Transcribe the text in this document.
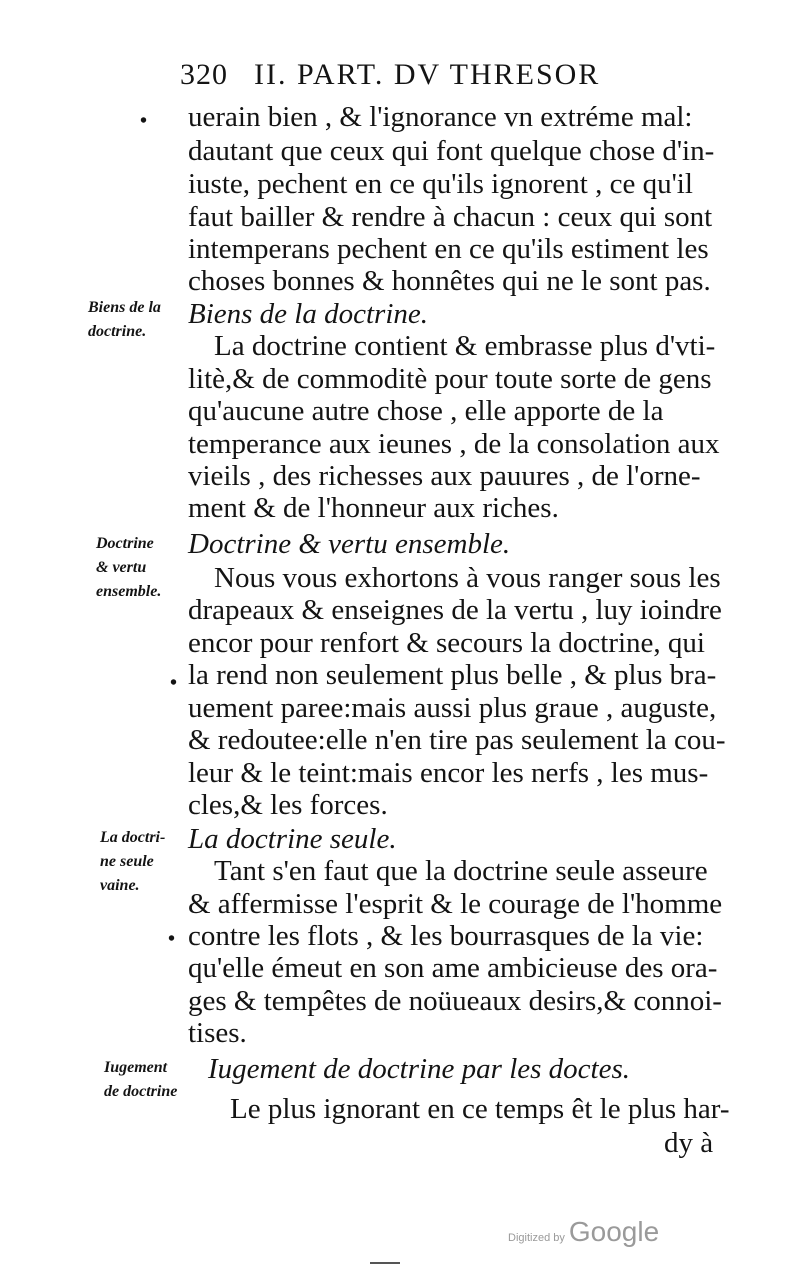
320 II. PART. DV THRESOR
•
•
•
uerain bien , & l'ignorance vn extréme mal:
dautant que ceux qui font quelque chose d'in-
iuste, pechent en ce qu'ils ignorent , ce qu'il
faut bailler & rendre à chacun : ceux qui sont
intemperans pechent en ce qu'ils estiment les
choses bonnes & honnêtes qui ne le sont pas.
Biens de la doctrine.
La doctrine contient & embrasse plus d'vti-
litè,& de commoditè pour toute sorte de gens
qu'aucune autre chose , elle apporte de la
temperance aux ieunes , de la consolation aux
vieils , des richesses aux pauures , de l'orne-
ment & de l'honneur aux riches.
Doctrine & vertu ensemble.
Nous vous exhortons à vous ranger sous les
drapeaux & enseignes de la vertu , luy ioindre
encor pour renfort & secours la doctrine, qui
la rend non seulement plus belle , & plus bra-
uement paree:mais aussi plus graue , auguste,
& redoutee:elle n'en tire pas seulement la cou-
leur & le teint:mais encor les nerfs , les mus-
cles,& les forces.
La doctrine seule.
Tant s'en faut que la doctrine seule asseure
& affermisse l'esprit & le courage de l'homme
contre les flots , & les bourrasques de la vie:
qu'elle émeut en son ame ambicieuse des ora-
ges & tempêtes de noüueaux desirs,& connoi-
tises.
Iugement de doctrine par les doctes.
Le plus ignorant en ce temps êt le plus har-
dy à
Biens de la
doctrine.
Doctrine
& vertu
ensemble.
La doctri-
ne seule
vaine.
Iugement
de doctrine
Digitized by Google
